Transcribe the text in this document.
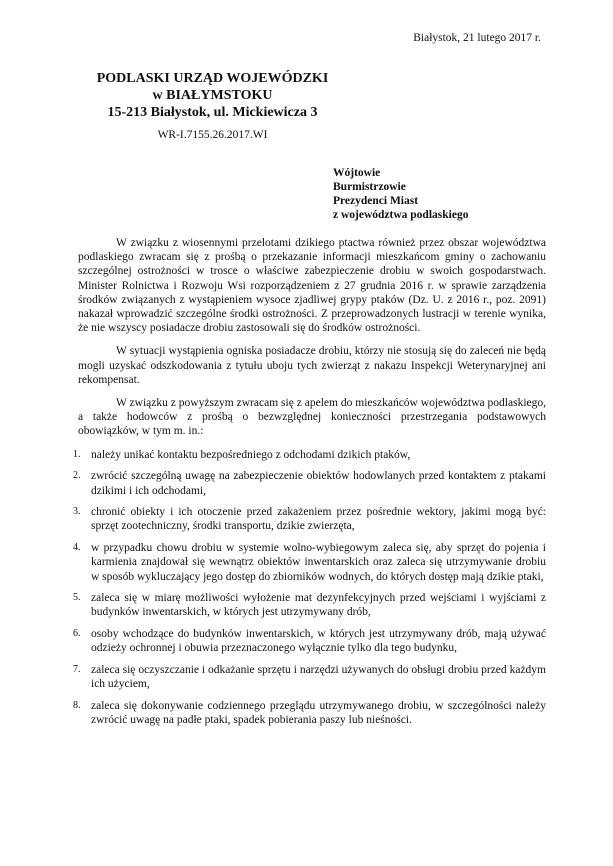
Białystok, 21 lutego 2017 r.
PODLASKI URZĄD WOJEWÓDZKI
w BIAŁYMSTOKU
15-213 Białystok, ul. Mickiewicza 3
WR-I.7155.26.2017.WI
Wójtowie
Burmistrzowie
Prezydenci Miast
z województwa podlaskiego

W związku z wiosennymi przelotami dzikiego ptactwa również przez obszar województwa podlaskiego zwracam się z prośbą o przekazanie informacji mieszkańcom gminy o zachowaniu szczególnej ostrożności w trosce o właściwe zabezpieczenie drobiu w swoich gospodarstwach. Minister Rolnictwa i Rozwoju Wsi rozporządzeniem z 27 grudnia 2016 r. w sprawie zarządzenia środków związanych z wystąpieniem wysoce zjadliwej grypy ptaków (Dz. U. z 2016 r., poz. 2091) nakazał wprowadzić szczególne środki ostrożności. Z przeprowadzonych lustracji w terenie wynika, że nie wszyscy posiadacze drobiu zastosowali się do środków ostrożności.

W sytuacji wystąpienia ogniska posiadacze drobiu, którzy nie stosują się do zaleceń nie będą mogli uzyskać odszkodowania z tytułu uboju tych zwierząt z nakazu Inspekcji Weterynaryjnej ani rekompensat.

W związku z powyższym zwracam się z apelem do mieszkańców województwa podlaskiego, a także hodowców z prośbą o bezwzględnej konieczności przestrzegania podstawowych obowiązków, w tym m. in.:

1. należy unikać kontaktu bezpośredniego z odchodami dzikich ptaków,
2. zwrócić szczególną uwagę na zabezpieczenie obiektów hodowlanych przed kontaktem z ptakami dzikimi i ich odchodami,
3. chronić obiekty i ich otoczenie przed zakażeniem przez pośrednie wektory, jakimi mogą być: sprzęt zootechniczny, środki transportu, dzikie zwierzęta,
4. w przypadku chowu drobiu w systemie wolno-wybiegowym zaleca się, aby sprzęt do pojenia i karmienia znajdował się wewnątrz obiektów inwentarskich oraz zaleca się utrzymywanie drobiu w sposób wykluczający jego dostęp do zbiorników wodnych, do których dostęp mają dzikie ptaki,
5. zaleca się w miarę możliwości wyłożenie mat dezynfekcyjnych przed wejściami i wyjściami z budynków inwentarskich, w których jest utrzymywany drób,
6. osoby wchodzące do budynków inwentarskich, w których jest utrzymywany drób, mają używać odzieży ochronnej i obuwia przeznaczonego wyłącznie tylko dla tego budynku,
7. zaleca się oczyszczanie i odkażanie sprzętu i narzędzi używanych do obsługi drobiu przed każdym ich użyciem,
8. zaleca się dokonywanie codziennego przeglądu utrzymywanego drobiu, w szczególności należy zwrócić uwagę na padłe ptaki, spadek pobierania paszy lub nieśności.
